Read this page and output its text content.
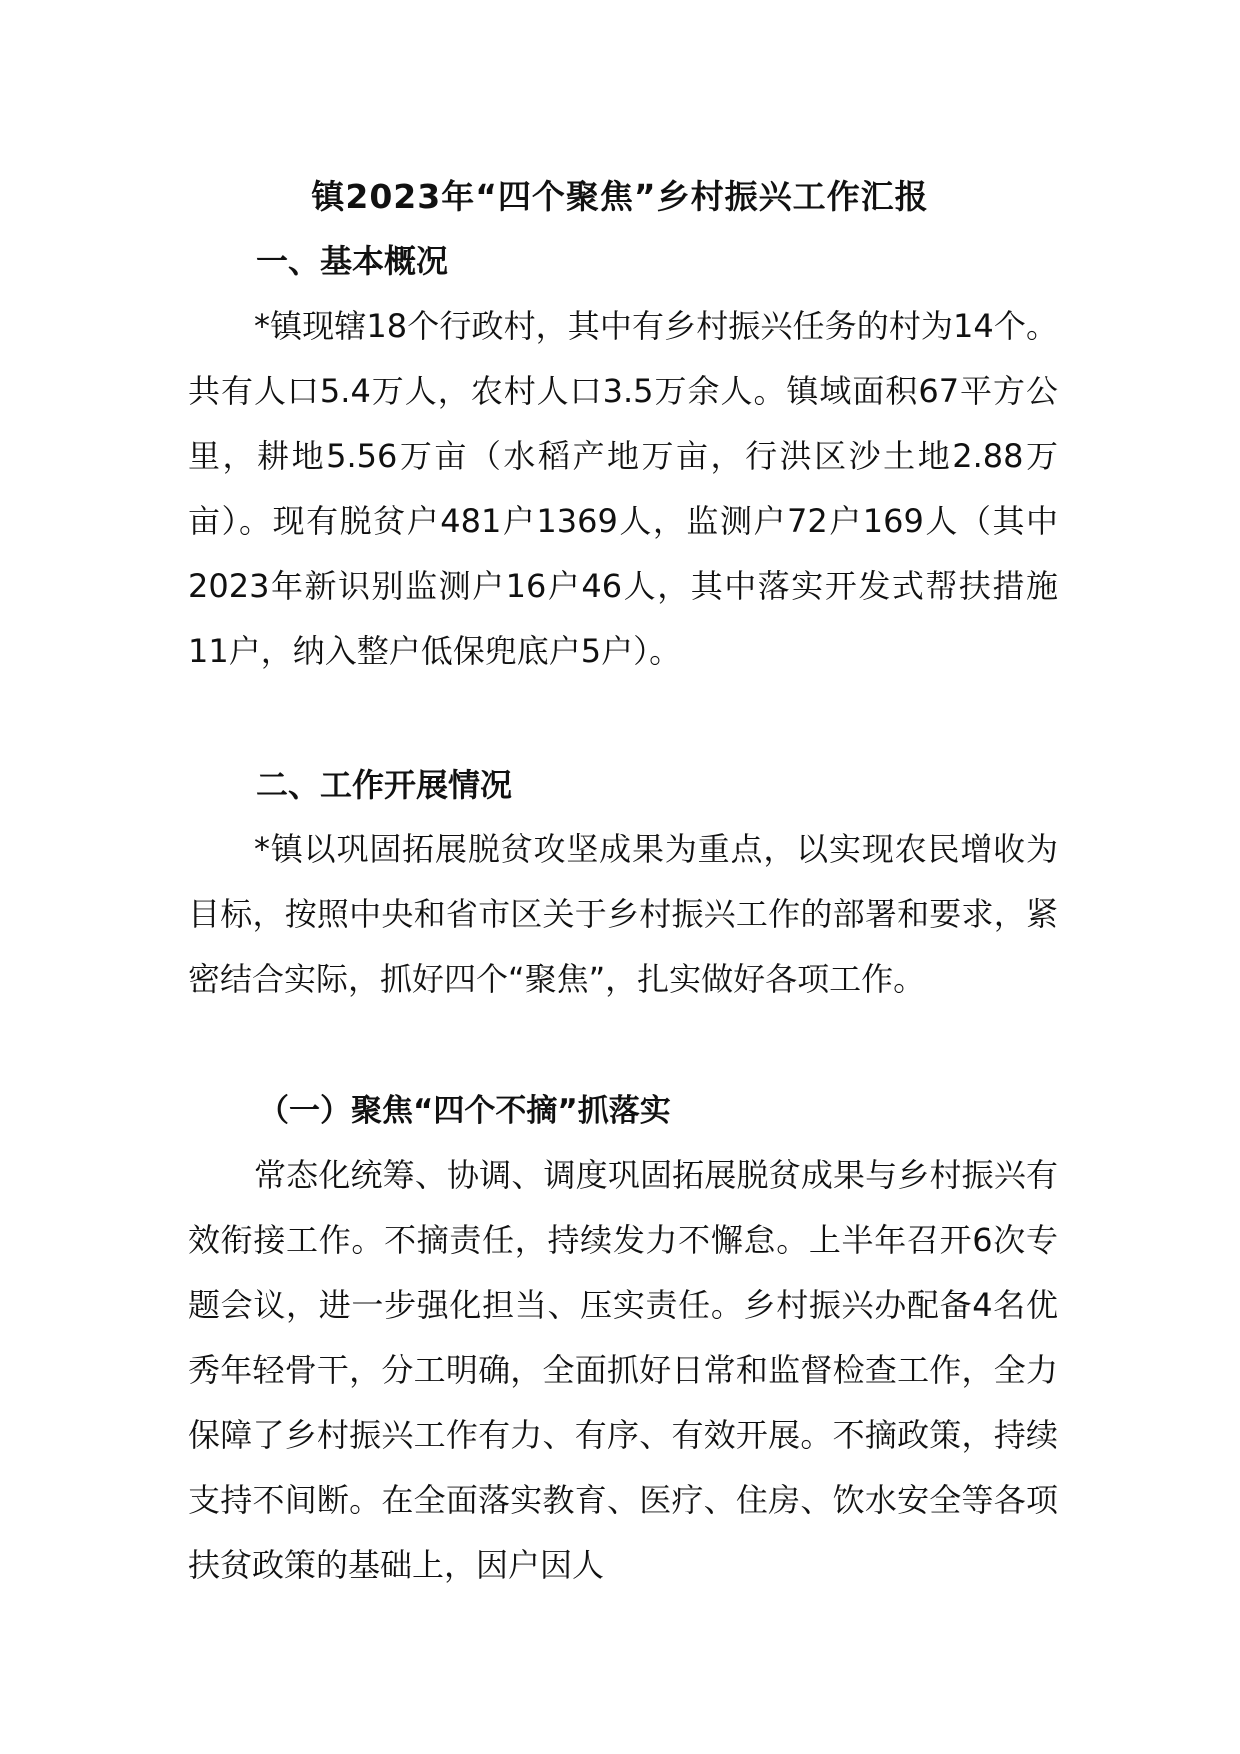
镇2023年“四个聚焦”乡村振兴工作汇报
一、基本概况

*镇现辖18个行政村，其中有乡村振兴任务的村为14个。共有人口5.4万人，农村人口3.5万余人。镇域面积67平方公里，耕地5.56万亩（水稻产地万亩，行洪区沙土地2.88万亩）。现有脱贫户481户1369人，监测户72户169人（其中2023年新识别监测户16户46人，其中落实开发式帮扶措施11户，纳入整户低保兜底户5户）。

二、工作开展情况

*镇以巩固拓展脱贫攻坚成果为重点，以实现农民增收为目标，按照中央和省市区关于乡村振兴工作的部署和要求，紧密结合实际，抓好四个“聚焦”，扎实做好各项工作。

（一）聚焦“四个不摘”抓落实

常态化统筹、协调、调度巩固拓展脱贫成果与乡村振兴有效衔接工作。不摘责任，持续发力不懈怠。上半年召开6次专题会议，进一步强化担当、压实责任。乡村振兴办配备4名优秀年轻骨干，分工明确，全面抓好日常和监督检查工作，全力保障了乡村振兴工作有力、有序、有效开展。不摘政策，持续支持不间断。在全面落实教育、医疗、住房、饮水安全等各项扶贫政策的基础上，因户因人
